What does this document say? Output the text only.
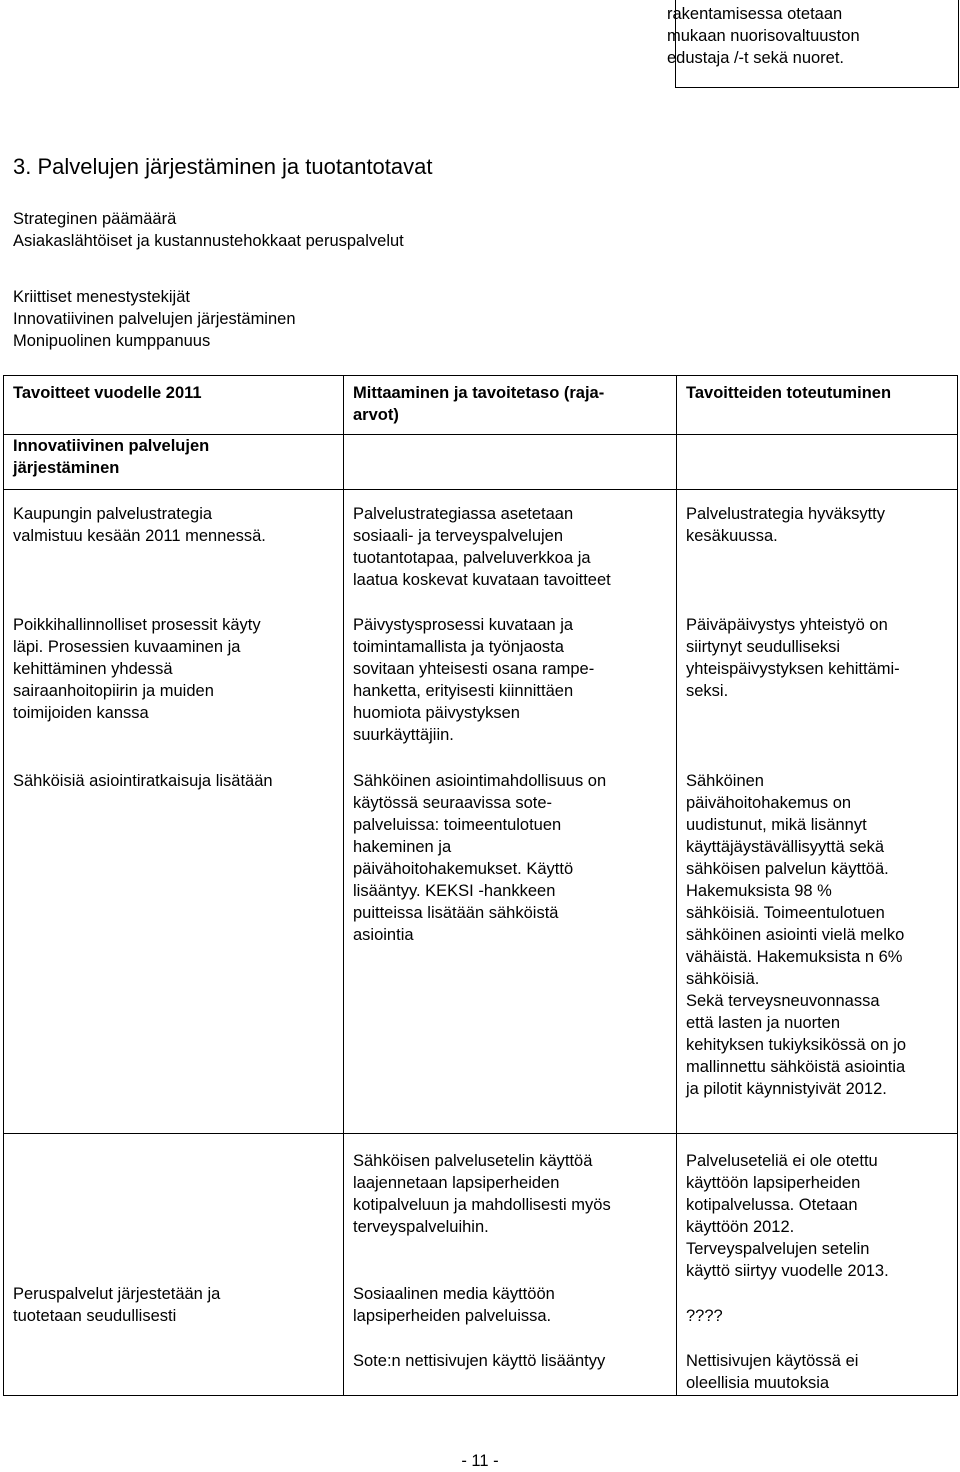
rakentamisessa otetaan
mukaan nuorisovaltuuston
edustaja /-t sekä nuoret.
3. Palvelujen järjestäminen ja tuotantotavat
Strateginen päämäärä
Asiakaslähtöiset ja kustannustehokkaat peruspalvelut
Kriittiset menestystekijät
Innovatiivinen palvelujen järjestäminen
Monipuolinen kumppanuus
Tavoitteet vuodelle 2011	Mittaaminen ja tavoitetaso (raja-
arvot)
Tavoitteiden toteutuminen
Innovatiivinen palvelujen
järjestäminen
Kaupungin palvelustrategia
valmistuu kesään 2011 mennessä.
Palvelustrategiassa asetetaan
sosiaali- ja terveyspalvelujen
tuotantotapaa, palveluverkkoa ja
laatua koskevat kuvataan tavoitteet
Palvelustrategia hyväksytty
kesäkuussa.
Poikkihallinnolliset prosessit käyty
läpi. Prosessien kuvaaminen ja
kehittäminen yhdessä
sairaanhoitopiirin ja muiden
toimijoiden kanssa
Päivystysprosessi kuvataan ja
toimintamallista ja työnjaosta
sovitaan yhteisesti osana rampe-
hanketta, erityisesti kiinnittäen
huomiota päivystyksen
suurkäyttäjiin.
Päiväpäivystys yhteistyö on
siirtynyt seudulliseksi
yhteispäivystyksen kehittämi-
seksi.
Sähköisiä asiointiratkaisuja lisätään	Sähköinen asiointimahdollisuus on
käytössä seuraavissa sote-
palveluissa: toimeentulotuen
hakeminen ja
päivähoitohakemukset. Käyttö
lisääntyy. KEKSI -hankkeen
puitteissa lisätään sähköistä
asiointia
Sähköinen
päivähoitohakemus on
uudistunut, mikä lisännyt
käyttäjäystävällisyyttä sekä
sähköisen palvelun käyttöä.
Hakemuksista 98 %
sähköisiä. Toimeentulotuen
sähköinen asiointi vielä melko
vähäistä. Hakemuksista n 6%
sähköisiä.
Sekä terveysneuvonnassa
että lasten ja nuorten
kehityksen tukiyksikössä on jo
mallinnettu sähköistä asiointia
ja pilotit käynnistyivät 2012.
Peruspalvelut järjestetään ja
tuotetaan seudullisesti
Sähköisen palvelusetelin käyttöä
laajennetaan lapsiperheiden
kotipalveluun ja mahdollisesti myös
terveyspalveluihin.
Sosiaalinen media käyttöön
lapsiperheiden palveluissa.
Sote:n nettisivujen käyttö lisääntyy
Palveluseteliä ei ole otettu
käyttöön lapsiperheiden
kotipalvelussa. Otetaan
käyttöön 2012.
Terveyspalvelujen setelin
käyttö siirtyy vuodelle 2013.
????
Nettisivujen käytössä ei
oleellisia muutoksia
- 11 -
